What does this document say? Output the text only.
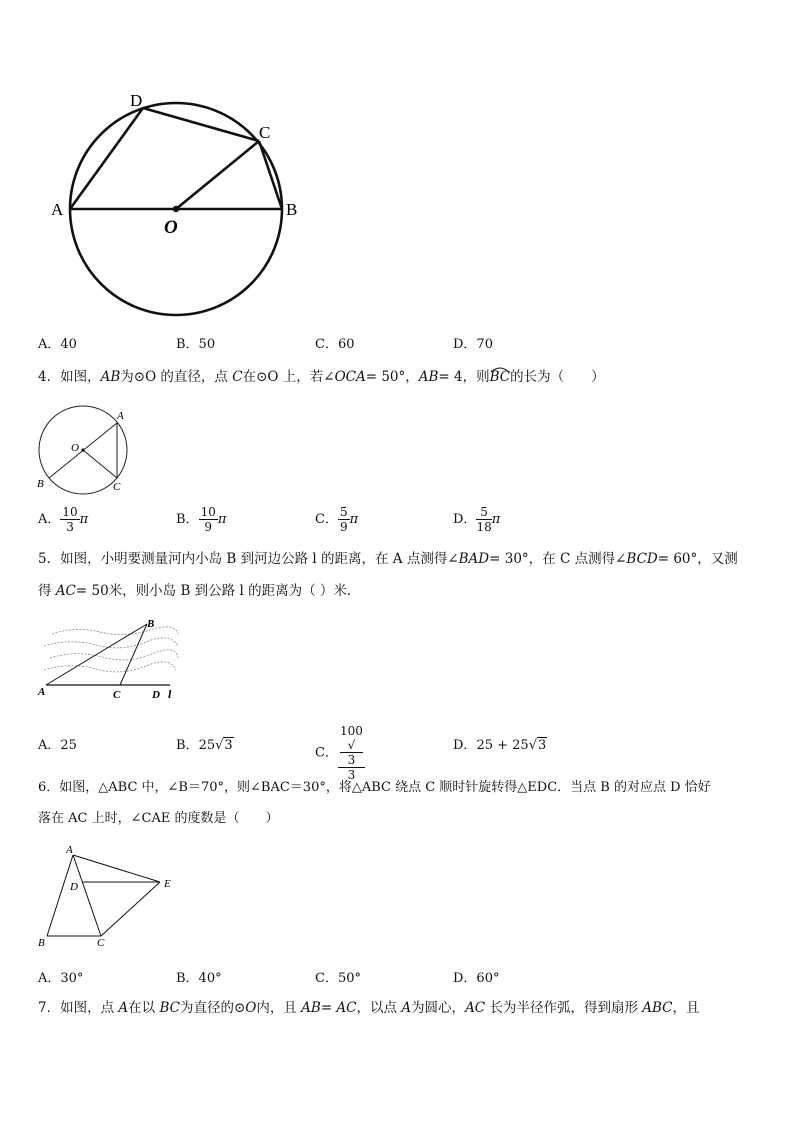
D
C
A	B
O
A．40	B．50	C．60	D．70
4．如图，AB为⊙O 的直径，点 C在⊙O 上，若∠OCA= 50°，AB= 4，则
BC的长为（　　）
A
O
B	C
A． $\frac{10}{3}$ π	B． $\frac{10}{9}$ π	C． $\frac{5}{9}$ π	D． $\frac{5}{18}$ π
5．如图，小明要测量河内小岛 B 到河边公路 l 的距离，在 A 点测得∠BAD= 30°，在 C 点测得∠BCD= 60°，又测
得 AC= 50米，则小岛 B 到公路 l 的距离为（ ）米．
A
B
C	D l
A．25	B．25√3	C． 100
√
3
3	D．25 + 25√3
6．如图，△ABC 中，∠B＝70°，则∠BAC＝30°，将△ABC 绕点 C 顺时针旋转得△EDC．当点 B 的对应点 D 恰好
落在 AC 上时，∠CAE 的度数是（　　）
A
D	E
B	C
A．30°	B．40°	C．50°	D．60°
7．如图，点 A在以 BC为直径的⊙O内，且 AB= AC，以点 A为圆心，AC 长为半径作弧，得到扇形 ABC，且
